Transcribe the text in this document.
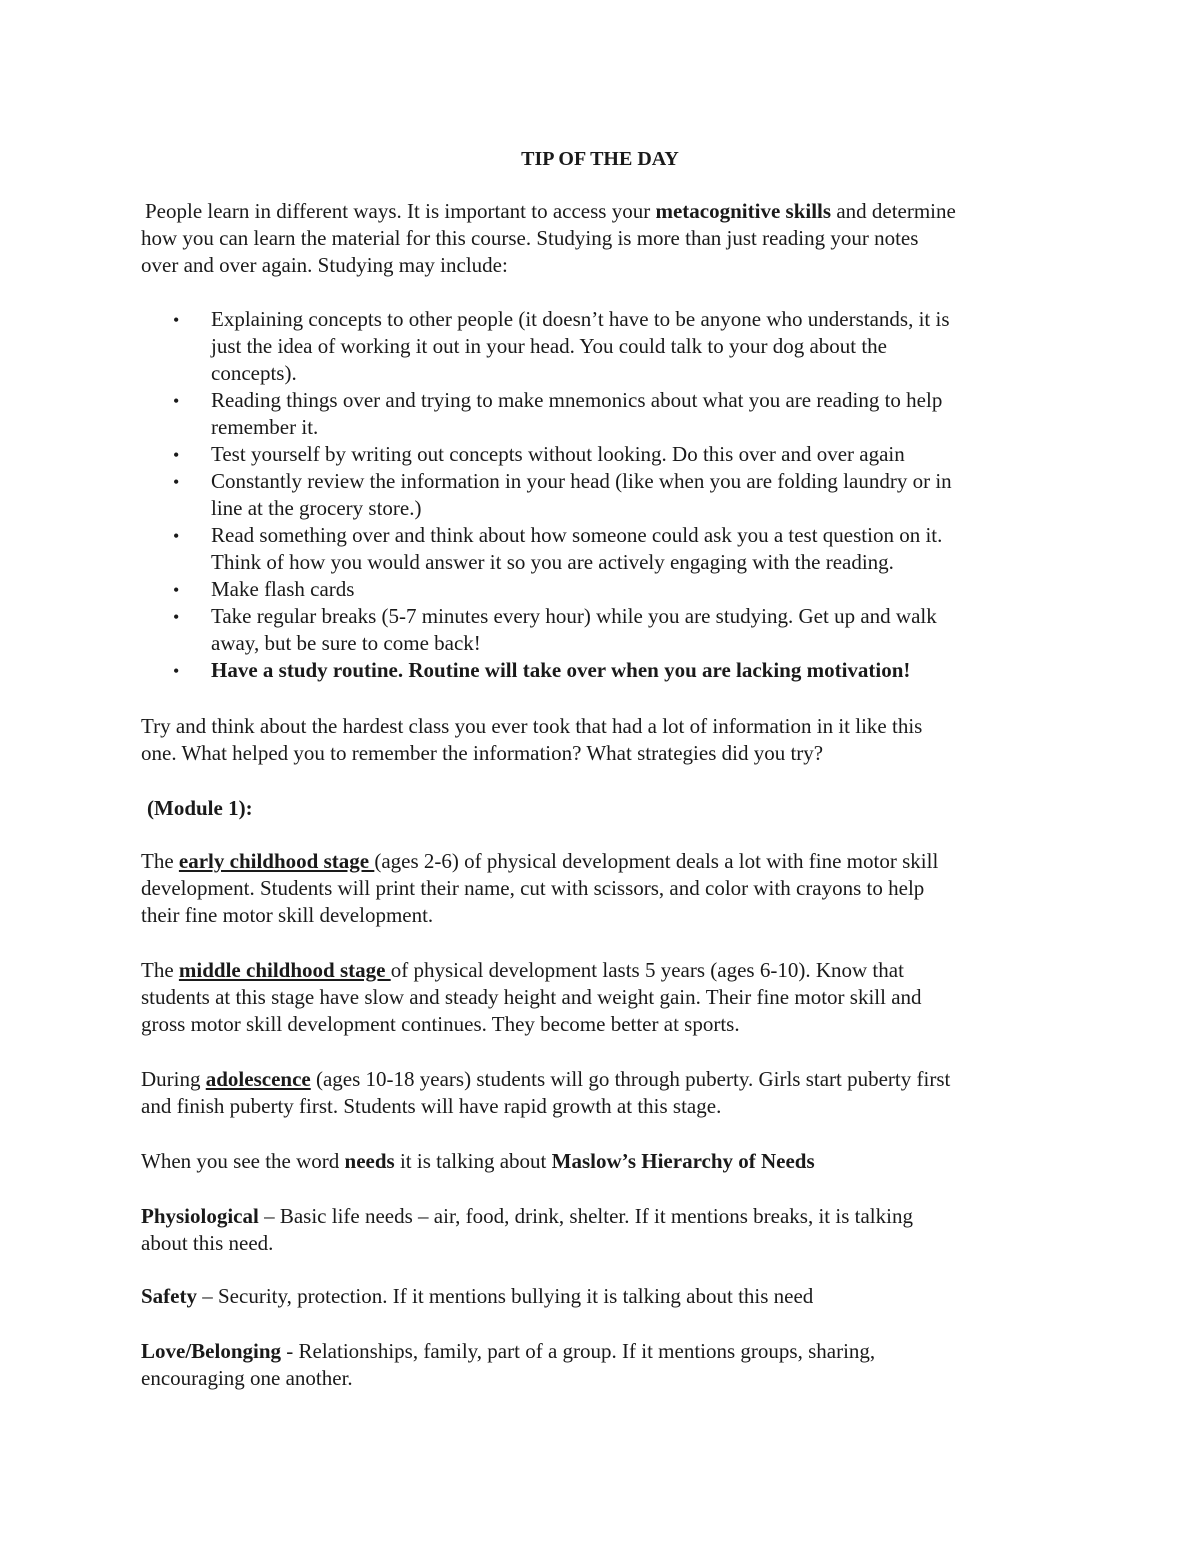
TIP OF THE DAY
People learn in different ways. It is important to access your metacognitive skills and determine
how you can learn the material for this course. Studying is more than just reading your notes
over and over again. Studying may include:
• Explaining concepts to other people (it doesn’t have to be anyone who understands, it is
just the idea of working it out in your head. You could talk to your dog about the
concepts).
• Reading things over and trying to make mnemonics about what you are reading to help
remember it.
• Test yourself by writing out concepts without looking. Do this over and over again
• Constantly review the information in your head (like when you are folding laundry or in
line at the grocery store.)
• Read something over and think about how someone could ask you a test question on it.
Think of how you would answer it so you are actively engaging with the reading.
• Make flash cards
• Take regular breaks (5-7 minutes every hour) while you are studying. Get up and walk
away, but be sure to come back!
• Have a study routine. Routine will take over when you are lacking motivation!
Try and think about the hardest class you ever took that had a lot of information in it like this
one. What helped you to remember the information? What strategies did you try?
(Module 1):
The early childhood stage (ages 2-6) of physical development deals a lot with fine motor skill
development. Students will print their name, cut with scissors, and color with crayons to help
their fine motor skill development.
The middle childhood stage of physical development lasts 5 years (ages 6-10). Know that
students at this stage have slow and steady height and weight gain. Their fine motor skill and
gross motor skill development continues. They become better at sports.
During adolescence (ages 10-18 years) students will go through puberty. Girls start puberty first
and finish puberty first. Students will have rapid growth at this stage.
When you see the word needs it is talking about Maslow’s Hierarchy of Needs
Physiological – Basic life needs – air, food, drink, shelter. If it mentions breaks, it is talking
about this need.
Safety – Security, protection. If it mentions bullying it is talking about this need
Love/Belonging - Relationships, family, part of a group. If it mentions groups, sharing,
encouraging one another.
